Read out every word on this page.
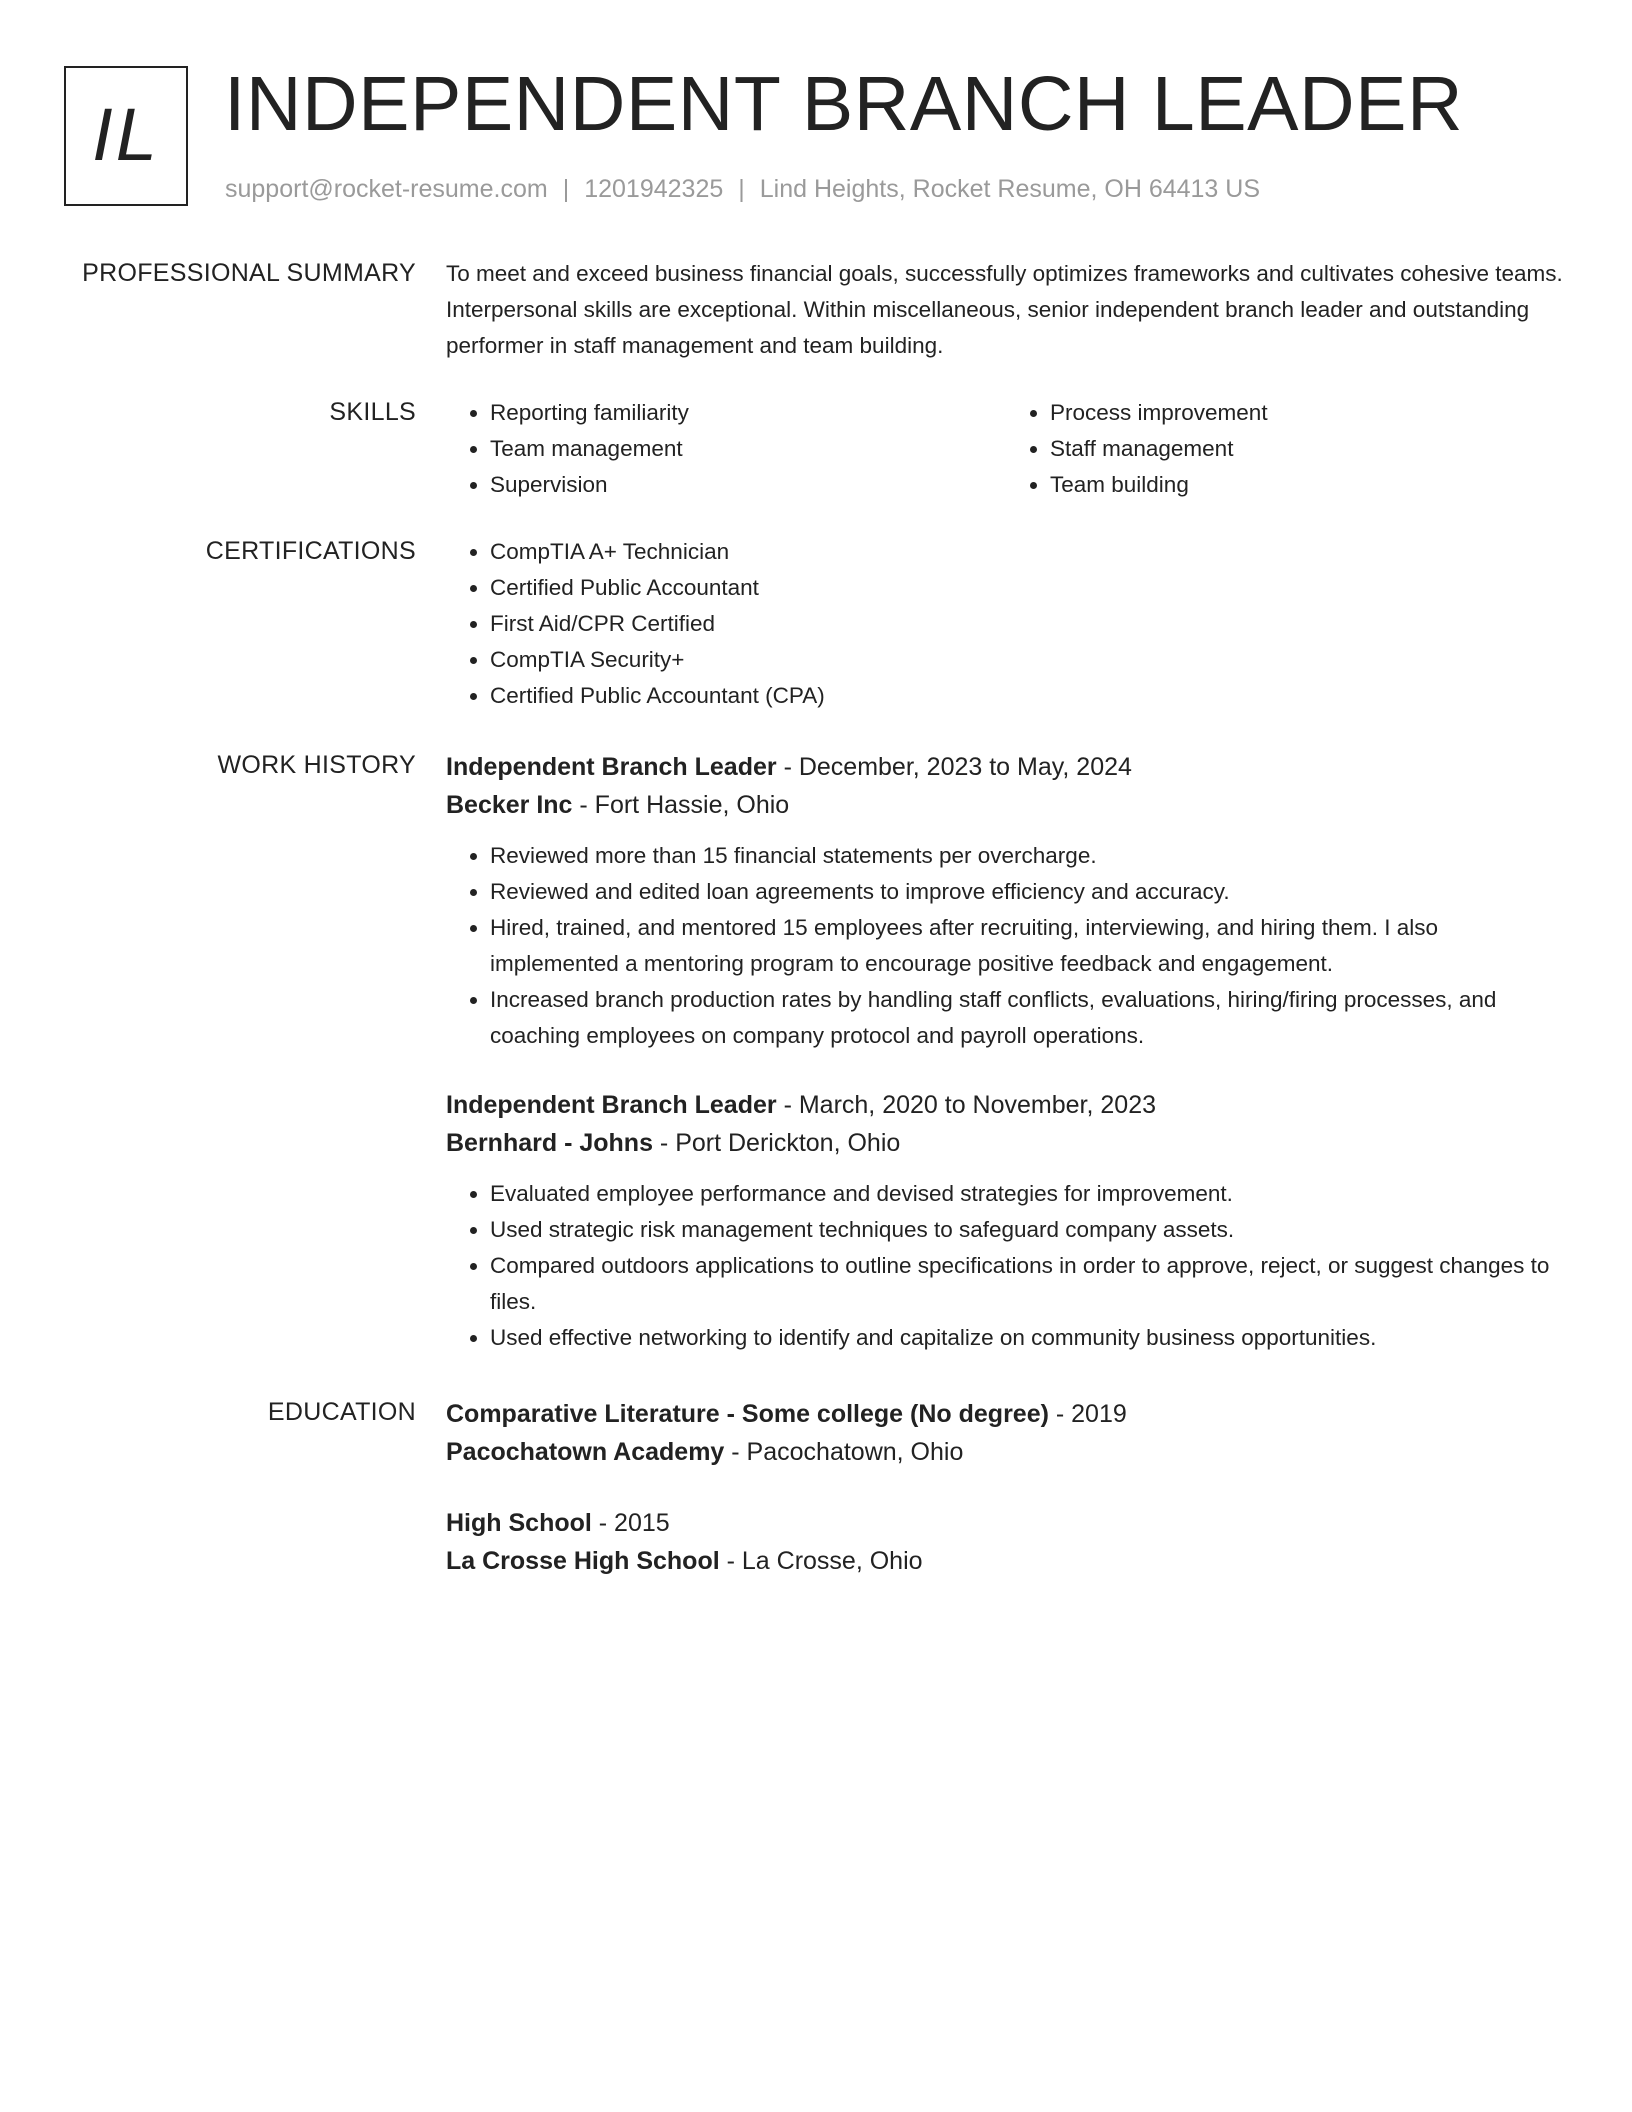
IL INDEPENDENT BRANCH LEADER
support@rocket-resume.com | 1201942325 | Lind Heights, Rocket Resume, OH 64413 US
PROFESSIONAL SUMMARY To meet and exceed business financial goals, successfully optimizes frameworks and cultivates cohesive teams. Interpersonal skills are exceptional. Within miscellaneous, senior independent branch leader and outstanding performer in staff management and team building.

SKILLS	• Reporting familiarity
• Team management
• Supervision
• Process improvement
• Staff management
• Team building
CERTIFICATIONS	• CompTIA A+ Technician
• Certified Public Accountant
• First Aid/CPR Certified
• CompTIA Security+
• Certified Public Accountant (CPA)
WORK HISTORY Independent Branch Leader - December, 2023 to May, 2024
Becker Inc - Fort Hassie, Ohio
• Reviewed more than 15 financial statements per overcharge.
• Reviewed and edited loan agreements to improve efficiency and accuracy.
• Hired, trained, and mentored 15 employees after recruiting, interviewing, and hiring them. I also implemented a mentoring program to encourage positive feedback and engagement.
• Increased branch production rates by handling staff conflicts, evaluations, hiring/firing processes, and coaching employees on company protocol and payroll operations.
Independent Branch Leader - March, 2020 to November, 2023
Bernhard - Johns - Port Derickton, Ohio
• Evaluated employee performance and devised strategies for improvement.
• Used strategic risk management techniques to safeguard company assets.
• Compared outdoors applications to outline specifications in order to approve, reject, or suggest changes to files.
• Used effective networking to identify and capitalize on community business opportunities.
EDUCATION Comparative Literature - Some college (No degree) - 2019
Pacochatown Academy - Pacochatown, Ohio
High School - 2015
La Crosse High School - La Crosse, Ohio
